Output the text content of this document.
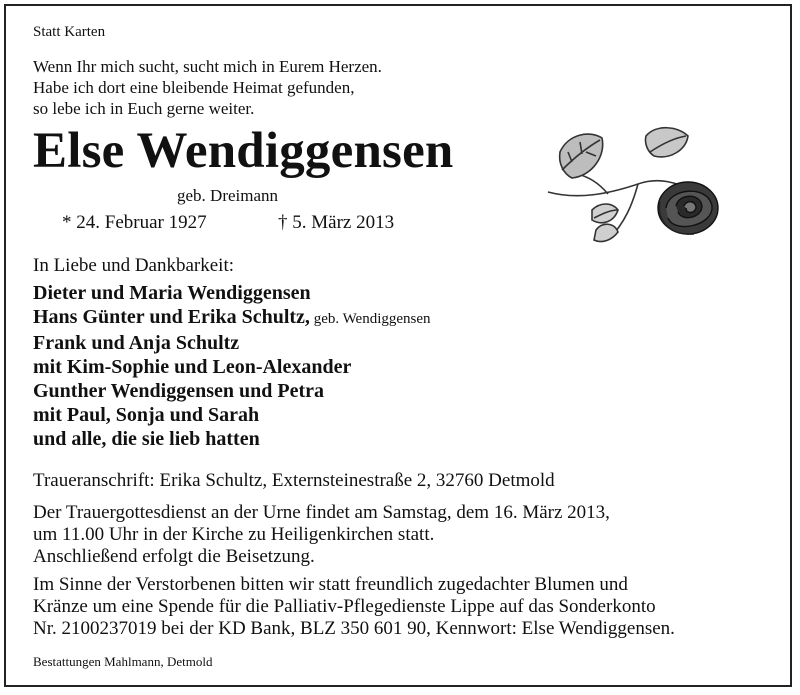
Statt Karten
Wenn Ihr mich sucht, sucht mich in Eurem Herzen.
Habe ich dort eine bleibende Heimat gefunden,
so lebe ich in Euch gerne weiter.
Else Wendiggensen
geb. Dreimann
* 24. Februar 1927	† 5. März 2013
In Liebe und Dankbarkeit:
Dieter und Maria Wendiggensen
Hans Günter und Erika Schultz, geb. Wendiggensen
Frank und Anja Schultz
mit Kim-Sophie und Leon-Alexander
Gunther Wendiggensen und Petra
mit Paul, Sonja und Sarah
und alle, die sie lieb hatten
Traueranschrift: Erika Schultz, Externsteinestraße 2, 32760 Detmold
Der Trauergottesdienst an der Urne findet am Samstag, dem 16. März 2013,
um 11.00 Uhr in der Kirche zu Heiligenkirchen statt.
Anschließend erfolgt die Beisetzung.
Im Sinne der Verstorbenen bitten wir statt freundlich zugedachter Blumen und
Kränze um eine Spende für die Palliativ-Pflegedienste Lippe auf das Sonderkonto
Nr. 2100237019 bei der KD Bank, BLZ 350 601 90, Kennwort: Else Wendiggensen.
Bestattungen Mahlmann, Detmold
